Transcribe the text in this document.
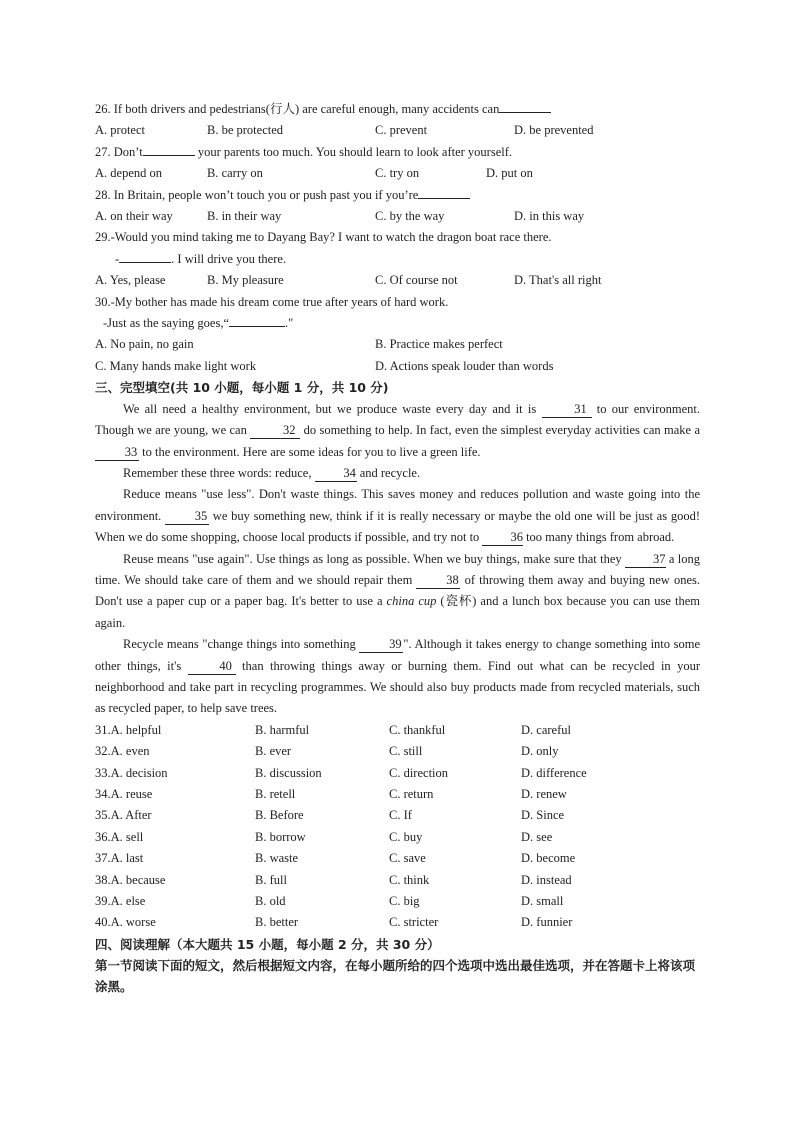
26. If both drivers and pedestrians(行人) are careful enough, many accidents can
A. protect	B. be protected	C. prevent	D. be prevented
27. Don’t	your parents too much. You should learn to look after yourself.
A. depend on	B. carry on	C. try on	D. put on
28. In Britain, people won’t touch you or push past you if you’re
A. on their way	B. in their way	C. by the way	D. in this way
29.-Would you mind taking me to Dayang Bay? I want to watch the dragon boat race there.
-	. I will drive you there.
A. Yes, please	B. My pleasure	C. Of course not	D. That's all right
30.-My bother has made his dream come true after years of hard work.
-Just as the saying goes,“	."
A. No pain, no gain	B. Practice makes perfect
C. Many hands make light work	D. Actions speak louder than words
三、完型填空(共 10 小题，每小题 1 分，共 10 分)
We all need a healthy environment, but we produce waste every day and it is	31 to our environment. Though we are young, we can	32 do something to help. In fact, even the simplest everyday activities can make a 33 to the environment. Here are some ideas for you to live a green life.
Remember these three words: reduce, 34 and recycle.
Reduce means "use less". Don't waste things. This saves money and reduces pollution and waste going into the environment. 35 we buy something new, think if it is really necessary or maybe the old one will be just as good! When we do some shopping, choose local products if possible, and try not to 36 too many things from abroad.
Reuse means "use again". Use things as long as possible. When we buy things, make sure that they 37 a long time. We should take care of them and we should repair them 38 of throwing them away and buying new ones. Don't use a paper cup or a paper bag. It's better to use a china cup (瓷杯) and a lunch box because you can use them again.
Recycle means "change things into something 39 ". Although it takes energy to change something into some other things, it's	40 than throwing things away or burning them. Find out what can be recycled in your neighborhood and take part in recycling programmes. We should also buy products made from recycled materials, such as recycled paper, to help save trees.
31.A. helpful	B. harmful	C. thankful	D. careful
32.A. even	B. ever	C. still	D. only
33.A. decision	B. discussion	C. direction	D. difference
34.A. reuse	B. retell	C. return	D. renew
35.A. After	B. Before	C. If	D. Since
36.A. sell	B. borrow	C. buy	D. see
37.A. last	B. waste	C. save	D. become
38.A. because	B. full	C. think	D. instead
39.A. else	B. old	C. big	D. small
40.A. worse	B. better	C. stricter	D. funnier
四、阅读理解（本大题共 15 小题，每小题 2 分，共 30 分）
第一节阅读下面的短文，然后根据短文内容，在每小题所给的四个选项中选出最佳选项，并在答题卡上将该项涂黑。
